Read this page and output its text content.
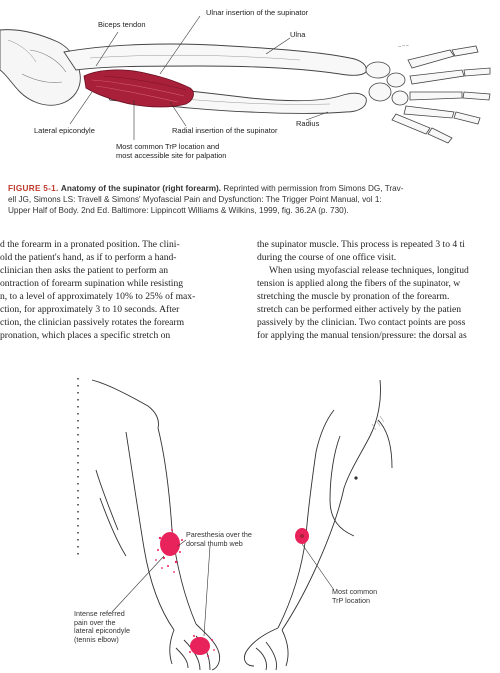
~~~
Biceps tendon
Ulnar insertion of the supinator
Ulna
Radius
Lateral epicondyle	Radial insertion of the supinator
Most common TrP location and
most accessible site for palpation
FIGURE 5-1. Anatomy of the supinator (right forearm). Reprinted with permission from Simons DG, Trav-
ell JG, Simons LS: Travell & Simons' Myofascial Pain and Dysfunction: The Trigger Point Manual, vol 1:
Upper Half of Body. 2nd Ed. Baltimore: Lippincott Williams & Wilkins, 1999, fig. 36.2A (p. 730).
d the forearm in a pronated position. The clini-
old the patient's hand, as if to perform a hand-
clinician then asks the patient to perform an
ontraction of forearm supination while resisting
n, to a level of approximately 10% to 25% of max-
ction, for approximately 3 to 10 seconds. After
ction, the clinician passively rotates the forearm
pronation, which places a specific stretch on
the supinator muscle. This process is repeated 3 to 4 ti
during the course of one office visit.
When using myofascial release techniques, longitud
tension is applied along the fibers of the supinator, w
stretching the muscle by pronation of the forearm.
stretch can be performed either actively by the patien
passively by the clinician. Two contact points are poss
for applying the manual tension/pressure: the dorsal as
Paresthesia over the
dorsal thumb web
Intense referred
pain over the
lateral epicondyle
(tennis elbow)
Most common
TrP location
